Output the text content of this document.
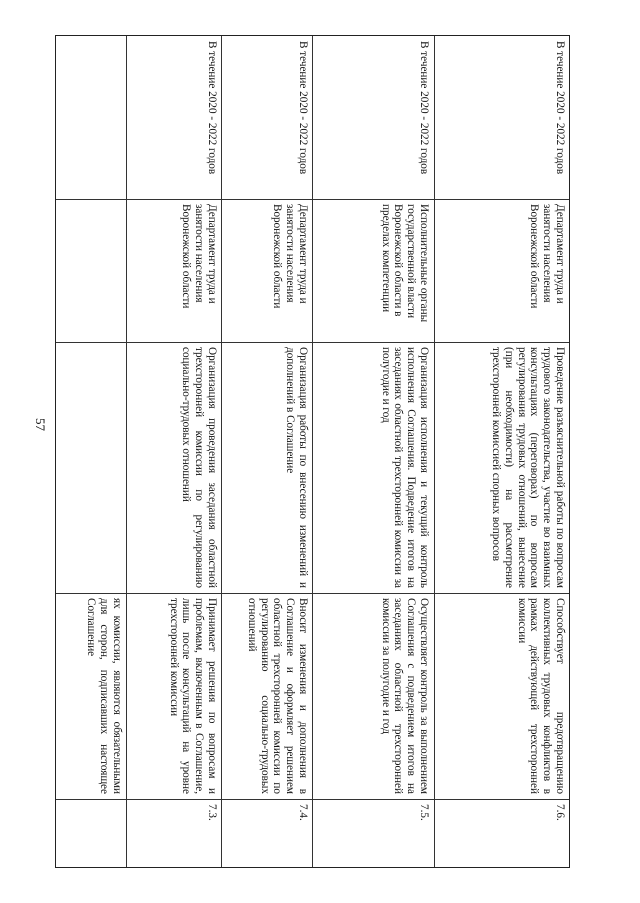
57
ях комиссии, являются обязательными для сторон, подписавших настоящее Соглашение
7.3.
Принимает решения по вопросам и проблемам, включенным в Соглашение, лишь после консультаций на уровне трехсторонней комиссии
Организация проведения заседания областной трехсторонней комиссии по регулированию социально-трудовых отношений
Департамент труда и занятости населения Воронежской области
В течение 2020 - 2022 годов
7.4.
Вносит изменения и дополнения в Соглашение и оформляет решением областной трехсторонней комиссии по регулированию социально-трудовых отношений
Организация работы по внесению изменений и дополнений в Соглашение
Департамент труда и занятости населения Воронежской области
В течение 2020 - 2022 годов
7.5.
Осуществляет контроль за выполнением Соглашения с подведением итогов на заседаниях областной трехсторонней комиссии за полугодие и год
Организация исполнения и текущий контроль исполнения Соглашения. Подведение итогов на заседаниях областной трехсторонней комиссии за полугодие и год
Исполнительные органы государственной власти Воронежской области в пределах компетенции
В течение 2020 - 2022 годов
7.6.
Способствует предотвращению коллективных трудовых конфликтов в рамках действующей трехсторонней комиссии
Проведение разъяснительной работы по вопросам трудового законодательства, участие во взаимных консультациях (переговорах) по вопросам регулирования трудовых отношений, вынесение (при необходимости) на рассмотрение трехсторонней комиссией спорных вопросов
Департамент труда и занятости населения Воронежской области
В течение 2020 - 2022 годов
